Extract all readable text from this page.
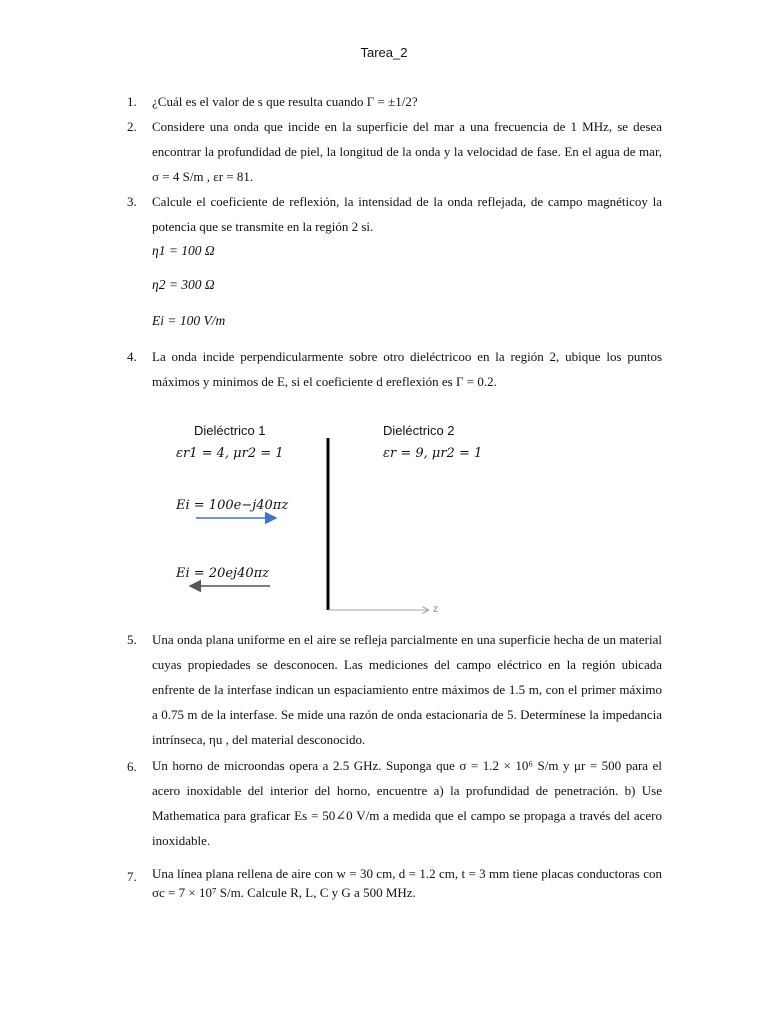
Tarea_2
1. ¿Cuál es el valor de s que resulta cuando Γ = ±1/2?
2. Considere una onda que incide en la superficie del mar a una frecuencia de 1 MHz, se desea encontrar la profundidad de piel, la longitud de la onda y la velocidad de fase. En el agua de mar, σ = 4 S/m , εr = 81.
3. Calcule el coeficiente de reflexión, la intensidad de la onda reflejada, de campo magnéticoy la potencia que se transmite en la región 2 si.
η1 = 100 Ω
η2 = 300 Ω
Ei = 100 V/m
4. La onda incide perpendicularmente sobre otro dieléctricoo en la región 2, ubique los puntos máximos y minimos de E, si el coeficiente d ereflexión es Γ = 0.2.
Dieléctrico 1	Dieléctrico 2
εr1 = 4, μr2 = 1	εr = 9, μr2 = 1
Ei = 100e−j40πz
Ei = 20ej40πz
z
5. Una onda plana uniforme en el aire se refleja parcialmente en una superficie hecha de un material cuyas propiedades se desconocen. Las mediciones del campo eléctrico en la región ubicada enfrente de la interfase indican un espaciamiento entre máximos de 1.5 m, con el primer máximo a 0.75 m de la interfase. Se mide una razón de onda estacionaria de 5. Determínese la impedancia intrínseca, ηu , del material desconocido.
6. Un horno de microondas opera a 2.5 GHz. Suponga que σ = 1.2 × 10⁶ S/m y μr = 500 para el acero inoxidable del interior del horno, encuentre a) la profundidad de penetración. b) Use Mathematica para graficar Es = 50∠0 V/m a medida que el campo se propaga a través del acero inoxidable.
7. Una línea plana rellena de aire con w = 30 cm, d = 1.2 cm, t = 3 mm tiene placas conductoras con σc = 7 × 10⁷ S/m. Calcule R, L, C y G a 500 MHz.
